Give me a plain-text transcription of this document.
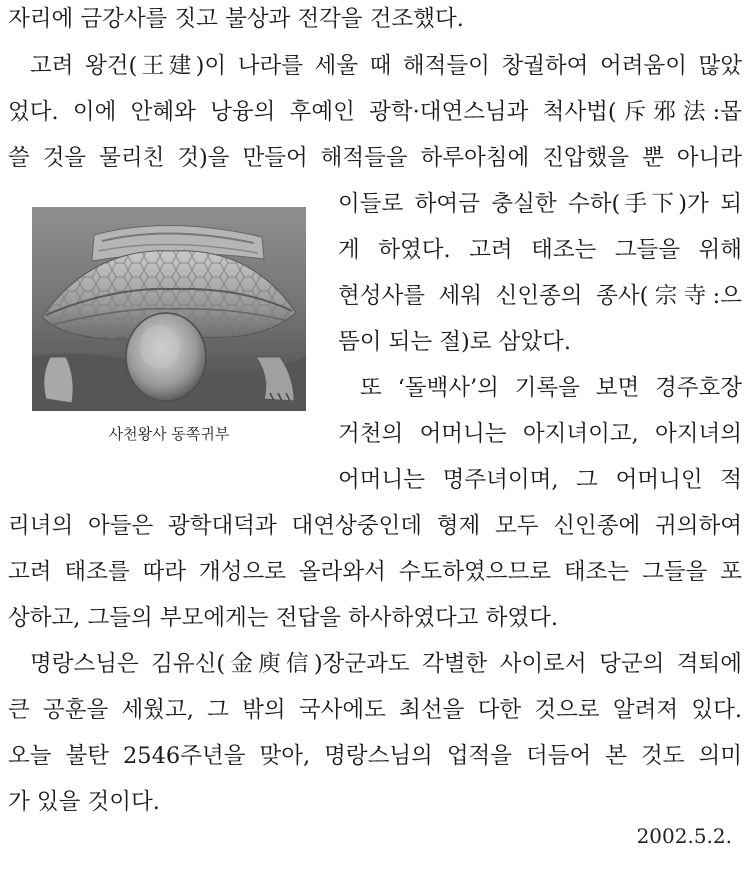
자리에 금강사를 짓고 불상과 전각을 건조했다.
고려 왕건(王建)이 나라를 세울 때 해적들이 창궐하여 어려움이 많았
었다. 이에 안혜와 낭융의 후예인 광학·대연스님과 척사법(斥邪法:몹
쓸 것을 물리친 것)을 만들어 해적들을 하루아침에 진압했을 뿐 아니라
이들로 하여금 충실한 수하(手下)가 되
게 하였다. 고려 태조는 그들을 위해
현성사를 세워 신인종의 종사(宗寺:으
뜸이 되는 절)로 삼았다.
또 ‘돌백사’의 기록을 보면 경주호장
거천의 어머니는 아지녀이고, 아지녀의
어머니는 명주녀이며, 그 어머니인 적
리녀의 아들은 광학대덕과 대연상중인데 형제 모두 신인종에 귀의하여
고려 태조를 따라 개성으로 올라와서 수도하였으므로 태조는 그들을 포
상하고, 그들의 부모에게는 전답을 하사하였다고 하였다.
명랑스님은 김유신(金庾信)장군과도 각별한 사이로서 당군의 격퇴에
큰 공훈을 세웠고, 그 밖의 국사에도 최선을 다한 것으로 알려져 있다.
오늘 불탄 2546주년을 맞아, 명랑스님의 업적을 더듬어 본 것도 의미
가 있을 것이다.
사천왕사 동쪽귀부
2002.5.2.
